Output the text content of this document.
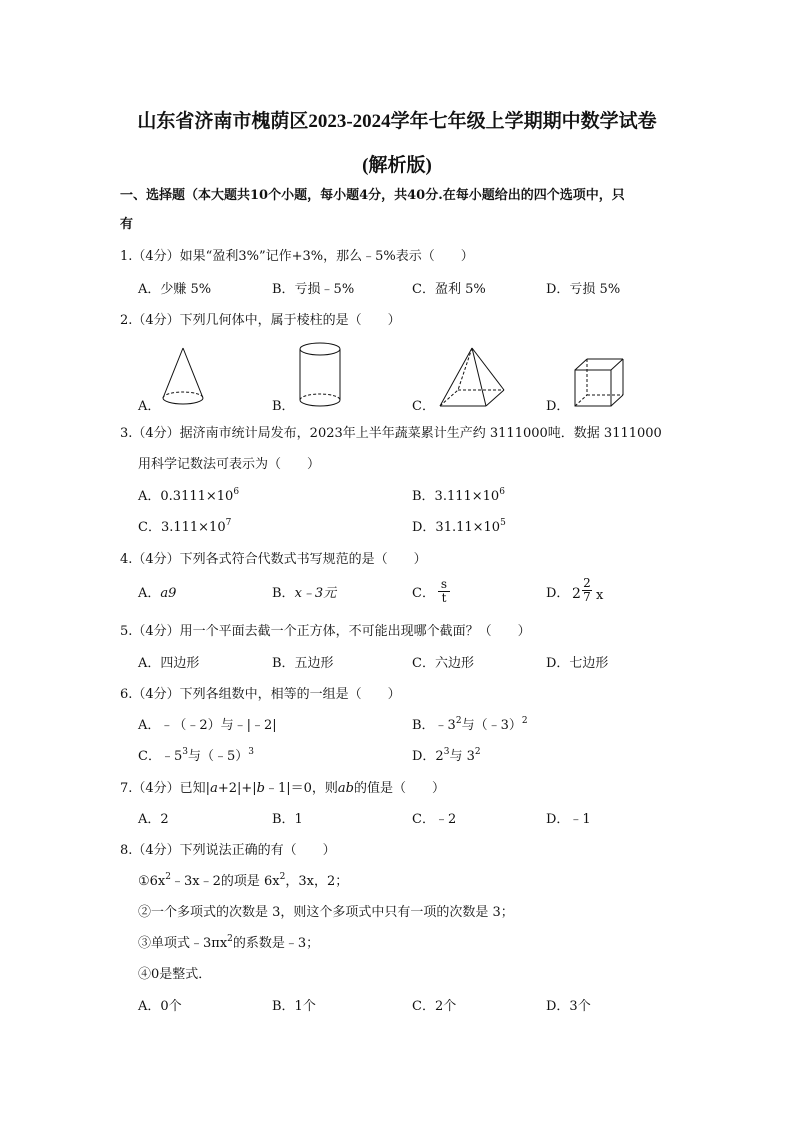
山东省济南市槐荫区2023-2024学年七年级上学期期中数学试卷
(解析版)
一、选择题（本大题共10个小题，每小题4分，共40分.在每小题给出的四个选项中，只
有
1.（4分）如果“盈利3%”记作+3%，那么﹣5%表示（　　）
A．少赚 5%	B．亏损﹣5%	C．盈利 5%	D．亏损 5%
2.（4分）下列几何体中，属于棱柱的是（　　）
A．	B．	C．	D．
3.（4分）据济南市统计局发布，2023年上半年蔬菜累计生产约 3111000吨．数据 3111000
用科学记数法可表示为（　　）
A．$0.3111\times 10^6$	B．$3.111\times 10^6$
C．$3.111\times 10^7$	D．$31.11\times 10^5$
4.（4分）下列各式符合代数式书写规范的是（　　）
A．a9	B．x﹣3元	C． $\frac{s}{t}$	D． $2 \frac{2}{7}$ x
5.（4分）用一个平面去截一个正方体，不可能出现哪个截面？（　　）
A．四边形	B．五边形	C．六边形	D．七边形
6.（4分）下列各组数中，相等的一组是（　　）
A．﹣（﹣2）与﹣|﹣2|	B．$﹣3^2$与（﹣3）$^2$
C．$﹣5^3$与（﹣5）$^3$	D．$2^3$与 $3^2$
7.（4分）已知|a+2|+|b﹣1|＝0，则ab的值是（　　）
A．2	B．1	C．﹣2	D．﹣1
8.（4分）下列说法正确的有（　　）
$①6x^2﹣3x﹣2$的项是 $6x^2$，3x，2；
②一个多项式的次数是 3，则这个多项式中只有一项的次数是 3；
③单项式$﹣3\pi x^2$的系数是﹣3；
④0是整式．
A．0个	B．1个	C．2个	D．3个
